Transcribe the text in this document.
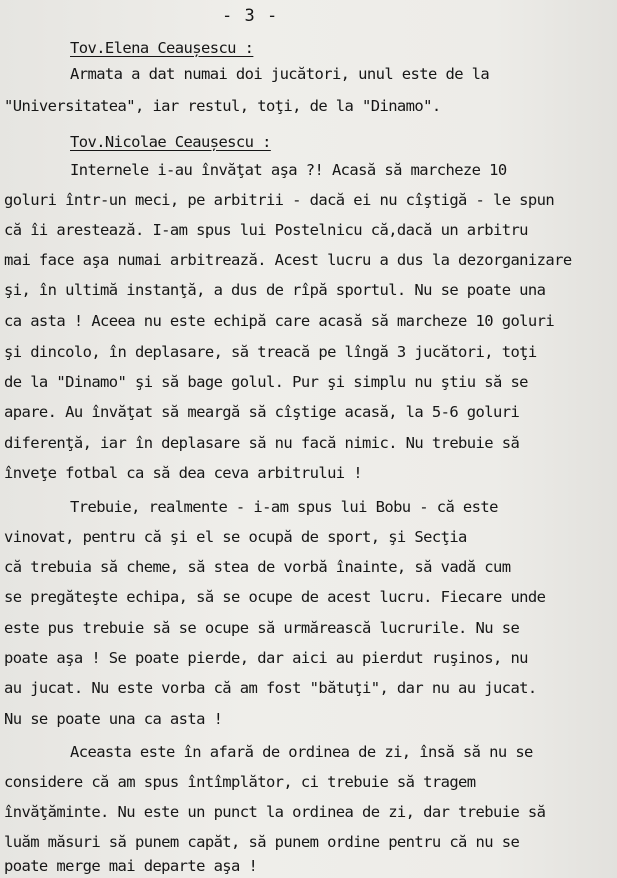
- 3 -
Tov.Elena Ceaușescu :
Armata a dat numai doi jucători, unul este de la
"Universitatea", iar restul, toţi, de la "Dinamo".
Tov.Nicolae Ceaușescu :
Internele i-au învăţat aşa ?! Acasă să marcheze 10
goluri într-un meci, pe arbitrii - dacă ei nu cîştigă - le spun
că îi arestează. I-am spus lui Postelnicu că,dacă un arbitru
mai face aşa numai arbitrează. Acest lucru a dus la dezorganizare
şi, în ultimă instanţă, a dus de rîpă sportul. Nu se poate una
ca asta ! Aceea nu este echipă care acasă să marcheze 10 goluri
şi dincolo, în deplasare, să treacă pe lîngă 3 jucători, toţi
de la "Dinamo" şi să bage golul. Pur şi simplu nu ştiu să se
apare. Au învăţat să meargă să cîştige acasă, la 5-6 goluri
diferenţă, iar în deplasare să nu facă nimic. Nu trebuie să
înveţe fotbal ca să dea ceva arbitrului !
Trebuie, realmente - i-am spus lui Bobu - că este
vinovat, pentru că şi el se ocupă de sport, şi Secţia
că trebuia să cheme, să stea de vorbă înainte, să vadă cum
se pregăteşte echipa, să se ocupe de acest lucru. Fiecare unde
este pus trebuie să se ocupe să urmărească lucrurile. Nu se
poate aşa ! Se poate pierde, dar aici au pierdut ruşinos, nu
au jucat. Nu este vorba că am fost "bătuţi", dar nu au jucat.
Nu se poate una ca asta !
Aceasta este în afară de ordinea de zi, însă să nu se
considere că am spus întîmplător, ci trebuie să tragem
învăţăminte. Nu este un punct la ordinea de zi, dar trebuie să
luăm măsuri să punem capăt, să punem ordine pentru că nu se
poate merge mai departe aşa !
